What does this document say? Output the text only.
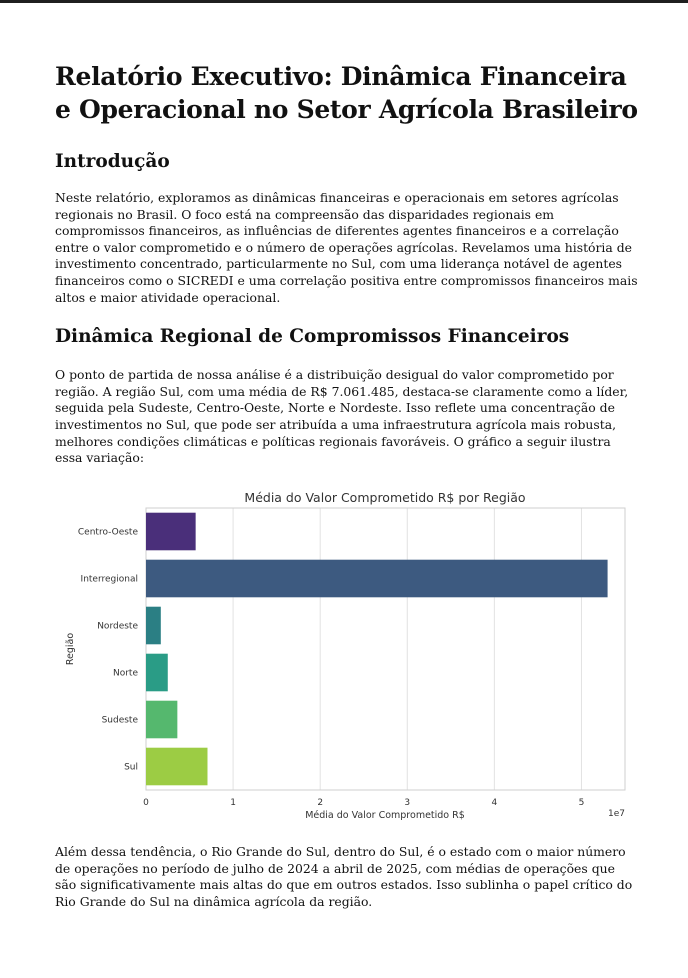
Relatório Executivo: Dinâmica Financeira e Operacional no Setor Agrícola Brasileiro
Introdução

Neste relatório, exploramos as dinâmicas financeiras e operacionais em setores agrícolas regionais no Brasil. O foco está na compreensão das disparidades regionais em compromissos financeiros, as influências de diferentes agentes financeiros e a correlação entre o valor comprometido e o número de operações agrícolas. Revelamos uma história de investimento concentrado, particularmente no Sul, com uma liderança notável de agentes financeiros como o SICREDI e uma correlação positiva entre compromissos financeiros mais altos e maior atividade operacional.

Dinâmica Regional de Compromissos Financeiros

O ponto de partida de nossa análise é a distribuição desigual do valor comprometido por região. A região Sul, com uma média de R$ 7.061.485, destaca-se claramente como a líder, seguida pela Sudeste, Centro-Oeste, Norte e Nordeste. Isso reflete uma concentração de investimentos no Sul, que pode ser atribuída a uma infraestrutura agrícola mais robusta, melhores condições climáticas e políticas regionais favoráveis. O gráfico a seguir ilustra essa variação:

Centro-Oeste
Interregional
Nordeste
Norte
Sudeste
Sul
0	1	2	3	4	5
Média do Valor Comprometido R$ por Região
Média do Valor Comprometido R$
Região
1e7

Além dessa tendência, o Rio Grande do Sul, dentro do Sul, é o estado com o maior número de operações no período de julho de 2024 a abril de 2025, com médias de operações que são significativamente mais altas do que em outros estados. Isso sublinha o papel crítico do Rio Grande do Sul na dinâmica agrícola da região.
